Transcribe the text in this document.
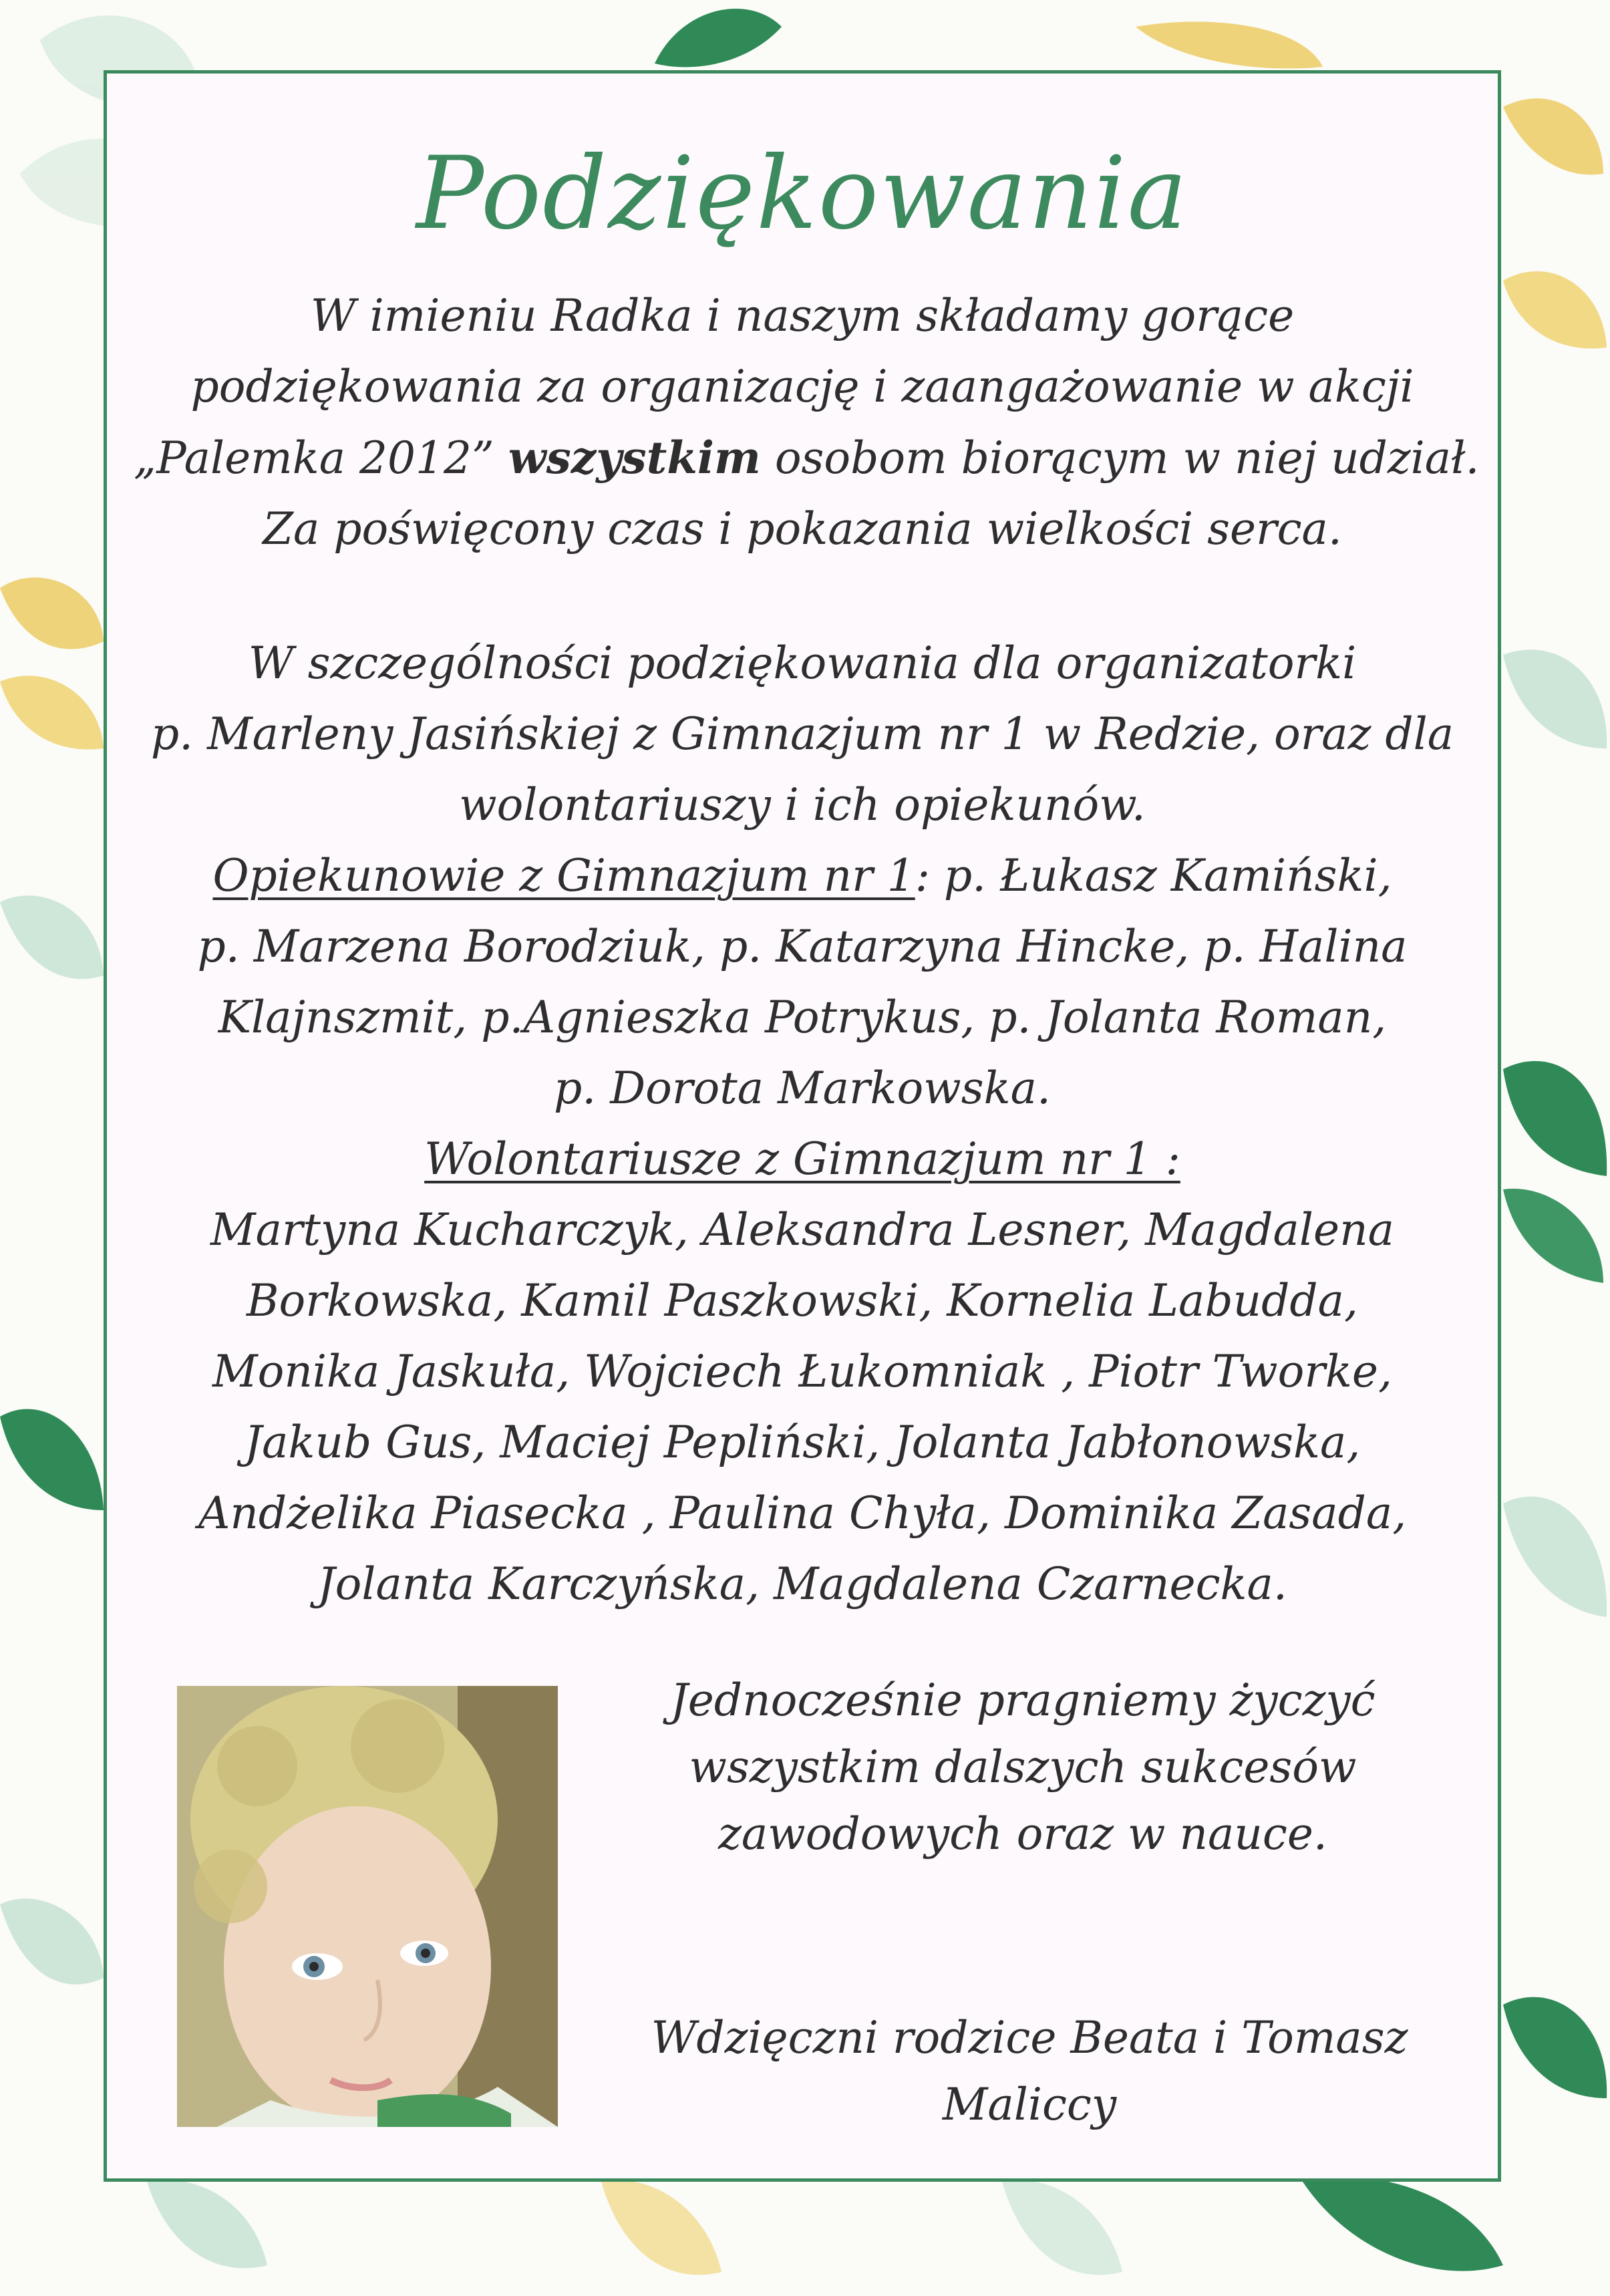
Podziękowania
W imieniu Radka i naszym składamy gorące
podziękowania za organizację i zaangażowanie w akcji
„Palemka 2012” wszystkim osobom biorącym w niej udział.
Za poświęcony czas i pokazania wielkości serca.
W szczególności podziękowania dla organizatorki
p. Marleny Jasińskiej z Gimnazjum nr 1 w Redzie, oraz dla
wolontariuszy i ich opiekunów.
Opiekunowie z Gimnazjum nr 1: p. Łukasz Kamiński,
p. Marzena Borodziuk, p. Katarzyna Hincke, p. Halina
Klajnszmit, p.Agnieszka Potrykus, p. Jolanta Roman,
p. Dorota Markowska.
Wolontariusze z Gimnazjum nr 1 :
Martyna Kucharczyk, Aleksandra Lesner, Magdalena
Borkowska, Kamil Paszkowski, Kornelia Labudda,
Monika Jaskuła, Wojciech Łukomniak , Piotr Tworke,
Jakub Gus, Maciej Pepliński, Jolanta Jabłonowska,
Andżelika Piasecka , Paulina Chyła, Dominika Zasada,
Jolanta Karczyńska, Magdalena Czarnecka.
Jednocześnie pragniemy życzyć
wszystkim dalszych sukcesów
zawodowych oraz w nauce.
Wdzięczni rodzice Beata i Tomasz
Maliccy
